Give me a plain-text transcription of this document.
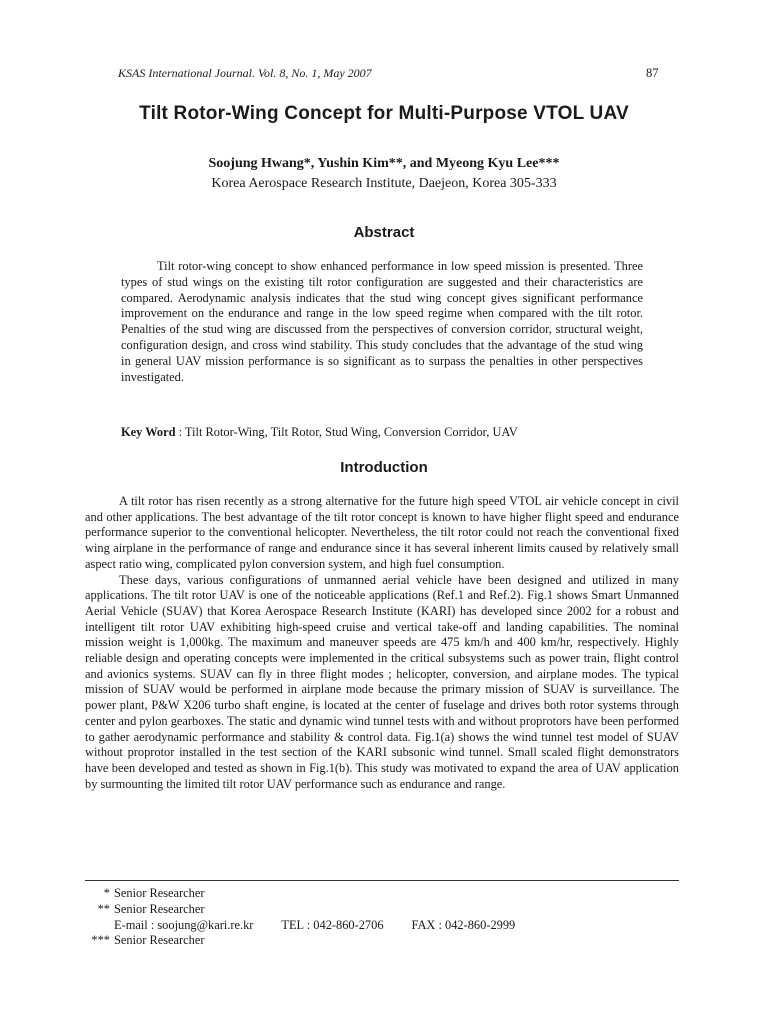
KSAS International Journal. Vol. 8, No. 1, May 2007	87
Tilt Rotor-Wing Concept for Multi-Purpose VTOL UAV
Soojung Hwang*, Yushin Kim**, and Myeong Kyu Lee***
Korea Aerospace Research Institute, Daejeon, Korea 305-333
Abstract
Tilt rotor-wing concept to show enhanced performance in low speed mission is presented. Three types of stud wings on the existing tilt rotor configuration are suggested and their characteristics are compared. Aerodynamic analysis indicates that the stud wing concept gives significant performance improvement on the endurance and range in the low speed regime when compared with the tilt rotor. Penalties of the stud wing are discussed from the perspectives of conversion corridor, structural weight, configuration design, and cross wind stability. This study concludes that the advantage of the stud wing in general UAV mission performance is so significant as to surpass the penalties in other perspectives investigated.
Key Word : Tilt Rotor-Wing, Tilt Rotor, Stud Wing, Conversion Corridor, UAV
Introduction

A tilt rotor has risen recently as a strong alternative for the future high speed VTOL air vehicle concept in civil and other applications. The best advantage of the tilt rotor concept is known to have higher flight speed and endurance performance superior to the conventional helicopter. Nevertheless, the tilt rotor could not reach the conventional fixed wing airplane in the performance of range and endurance since it has several inherent limits caused by relatively small aspect ratio wing, complicated pylon conversion system, and high fuel consumption.

These days, various configurations of unmanned aerial vehicle have been designed and utilized in many applications. The tilt rotor UAV is one of the noticeable applications (Ref.1 and Ref.2). Fig.1 shows Smart Unmanned Aerial Vehicle (SUAV) that Korea Aerospace Research Institute (KARI) has developed since 2002 for a robust and intelligent tilt rotor UAV exhibiting high-speed cruise and vertical take-off and landing capabilities. The nominal mission weight is 1,000kg. The maximum and maneuver speeds are 475 km/h and 400 km/hr, respectively. Highly reliable design and operating concepts were implemented in the critical subsystems such as power train, flight control and avionics systems. SUAV can fly in three flight modes ; helicopter, conversion, and airplane modes. The typical mission of SUAV would be performed in airplane mode because the primary mission of SUAV is surveillance. The power plant, P&W X206 turbo shaft engine, is located at the center of fuselage and drives both rotor systems through center and pylon gearboxes. The static and dynamic wind tunnel tests with and without proprotors have been performed to gather aerodynamic performance and stability & control data. Fig.1(a) shows the wind tunnel test model of SUAV without proprotor installed in the test section of the KARI subsonic wind tunnel. Small scaled flight demonstrators have been developed and tested as shown in Fig.1(b). This study was motivated to expand the area of UAV application by surmounting the limited tilt rotor UAV performance such as endurance and range.

* Senior Researcher
** Senior Researcher
E-mail : soojung@kari.re.kr TEL : 042-860-2706 FAX : 042-860-2999
*** Senior Researcher
